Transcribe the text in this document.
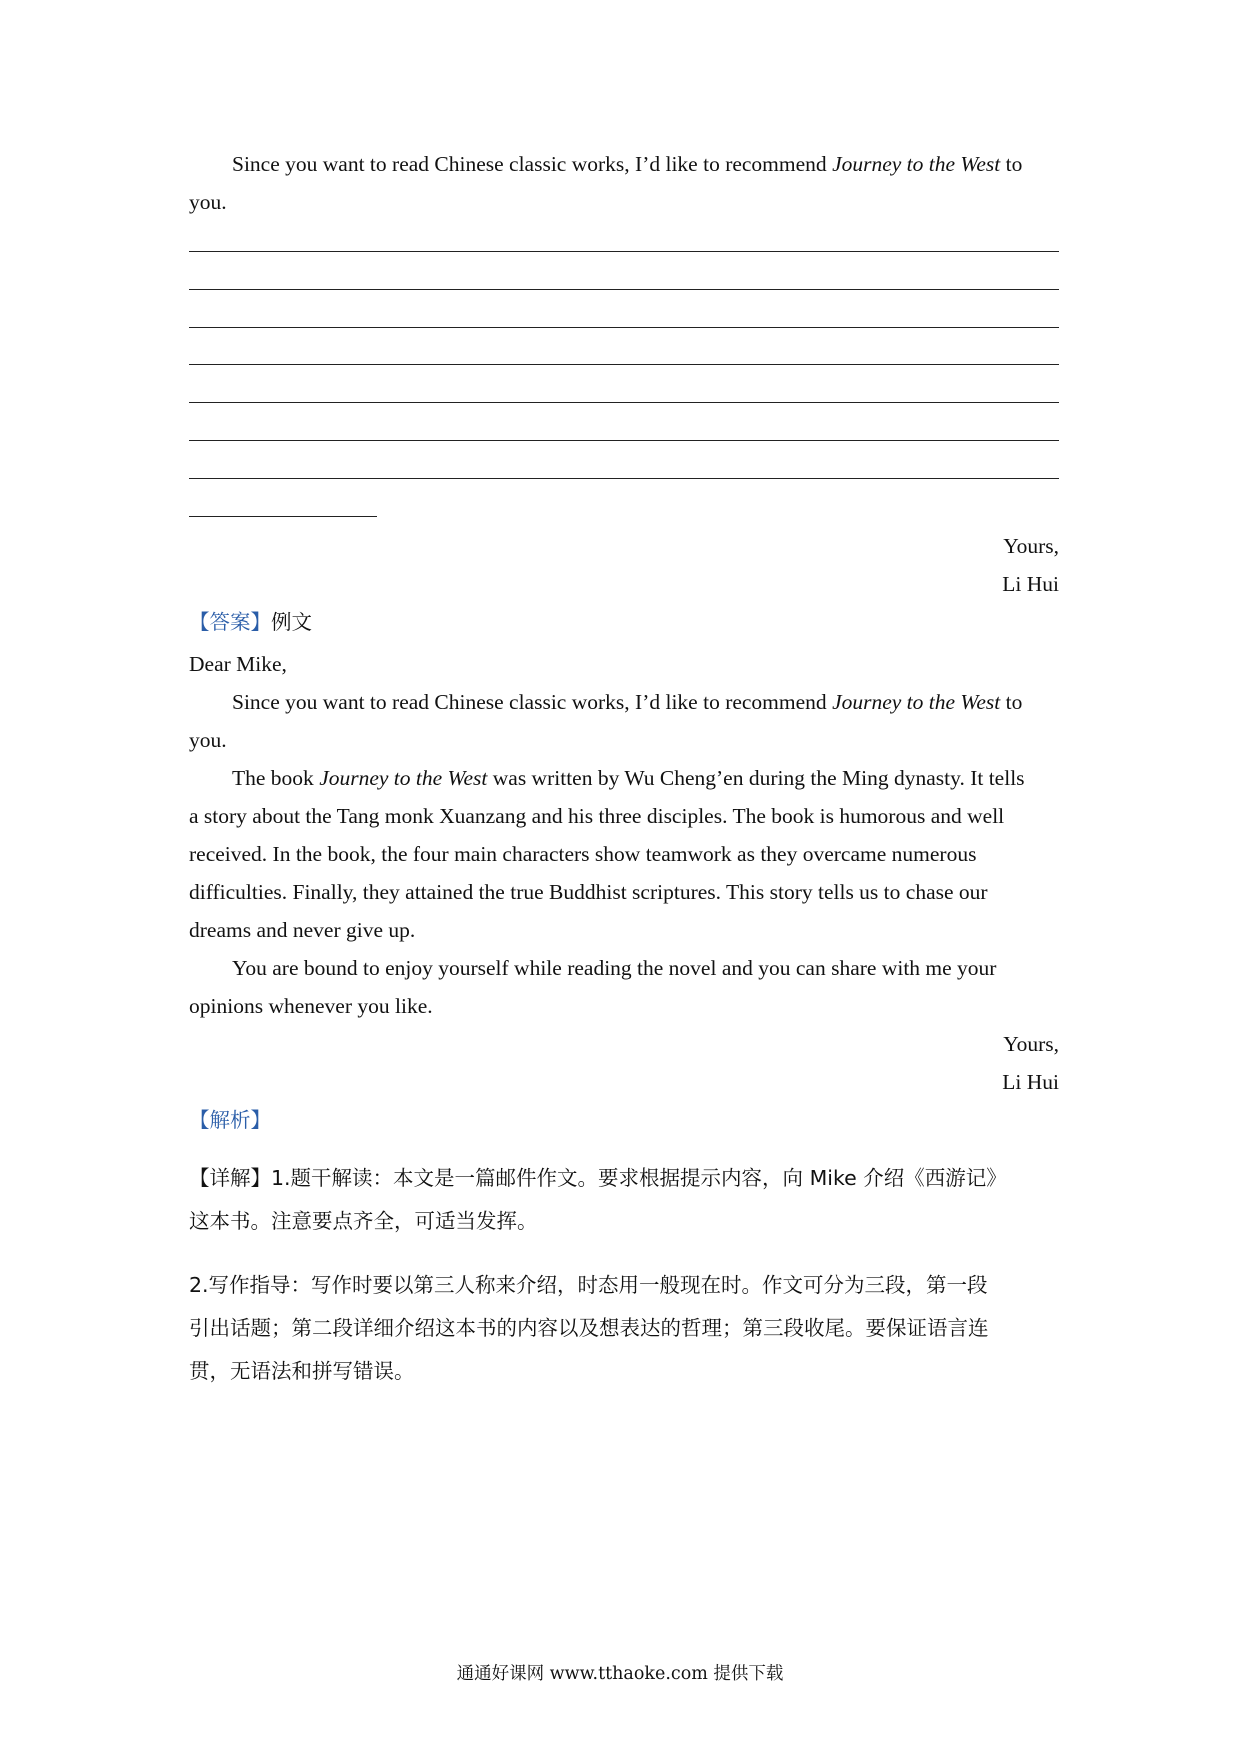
Since you want to read Chinese classic works, I’d like to recommend Journey to the West to
you.
Yours,
Li Hui
【答案】例文
Dear Mike,
Since you want to read Chinese classic works, I’d like to recommend Journey to the West to
you.
The book Journey to the West was written by Wu Cheng’en during the Ming dynasty. It tells
a story about the Tang monk Xuanzang and his three disciples. The book is humorous and well
received. In the book, the four main characters show teamwork as they overcame numerous
difficulties. Finally, they attained the true Buddhist scriptures. This story tells us to chase our
dreams and never give up.
You are bound to enjoy yourself while reading the novel and you can share with me your
opinions whenever you like.
Yours,
Li Hui
【解析】
【详解】1.题干解读：本文是一篇邮件作文。要求根据提示内容，向 Mike 介绍《西游记》
这本书。注意要点齐全，可适当发挥。
2.写作指导：写作时要以第三人称来介绍，时态用一般现在时。作文可分为三段，第一段
引出话题；第二段详细介绍这本书的内容以及想表达的哲理；第三段收尾。要保证语言连
贯，无语法和拼写错误。
通通好课网 www.tthaoke.com 提供下载
